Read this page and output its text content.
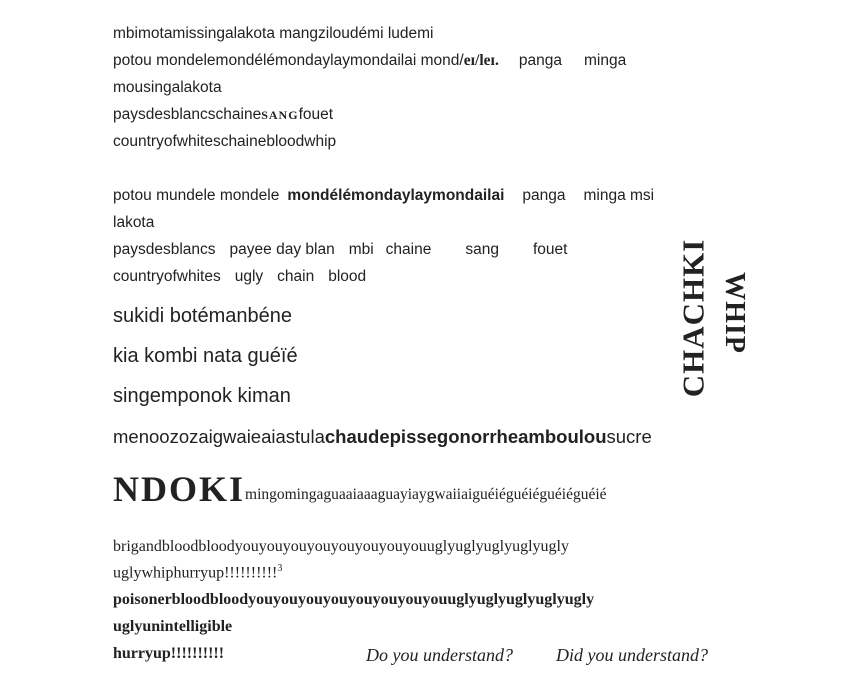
mbimotamissingalakota mangziloudémi ludemi
potou mondelemondélémondaylaymondailai mond/eɪ/leɪ. panga minga
mousingalakota
paysdesblancschaineSANGfouet
countryofwhiteschainebloodwhip
potou mundele mondele mondélémondaylaymondailai panga minga msi
lakota
paysdesblancs payee day blan mbi chaine sang fouet
countryofwhites ugly chain blood
sukidi botémanbéne
kia kombi nata guéïé
singemponok kiman
menoozozaigwaieaiastulachaudepissegonorrheamboulousucre
NDOKImingomingaguaaiaaaguayiaygwaiiaiguéiéguéiéguéiéguéié
brigandbloodbloodyouyouyouyouyouyouyouyouuglyuglyuglyuglyugly
uglywhiphurryup!!!!!!!!!!$^3$
poisonerbloodbloodyouyouyouyouyouyouyouyouuglyuglyuglyuglyugly
uglyunintelligible
hurryup!!!!!!!!!!	Do you understand? Did you understand?
CHACHKI WHIP
